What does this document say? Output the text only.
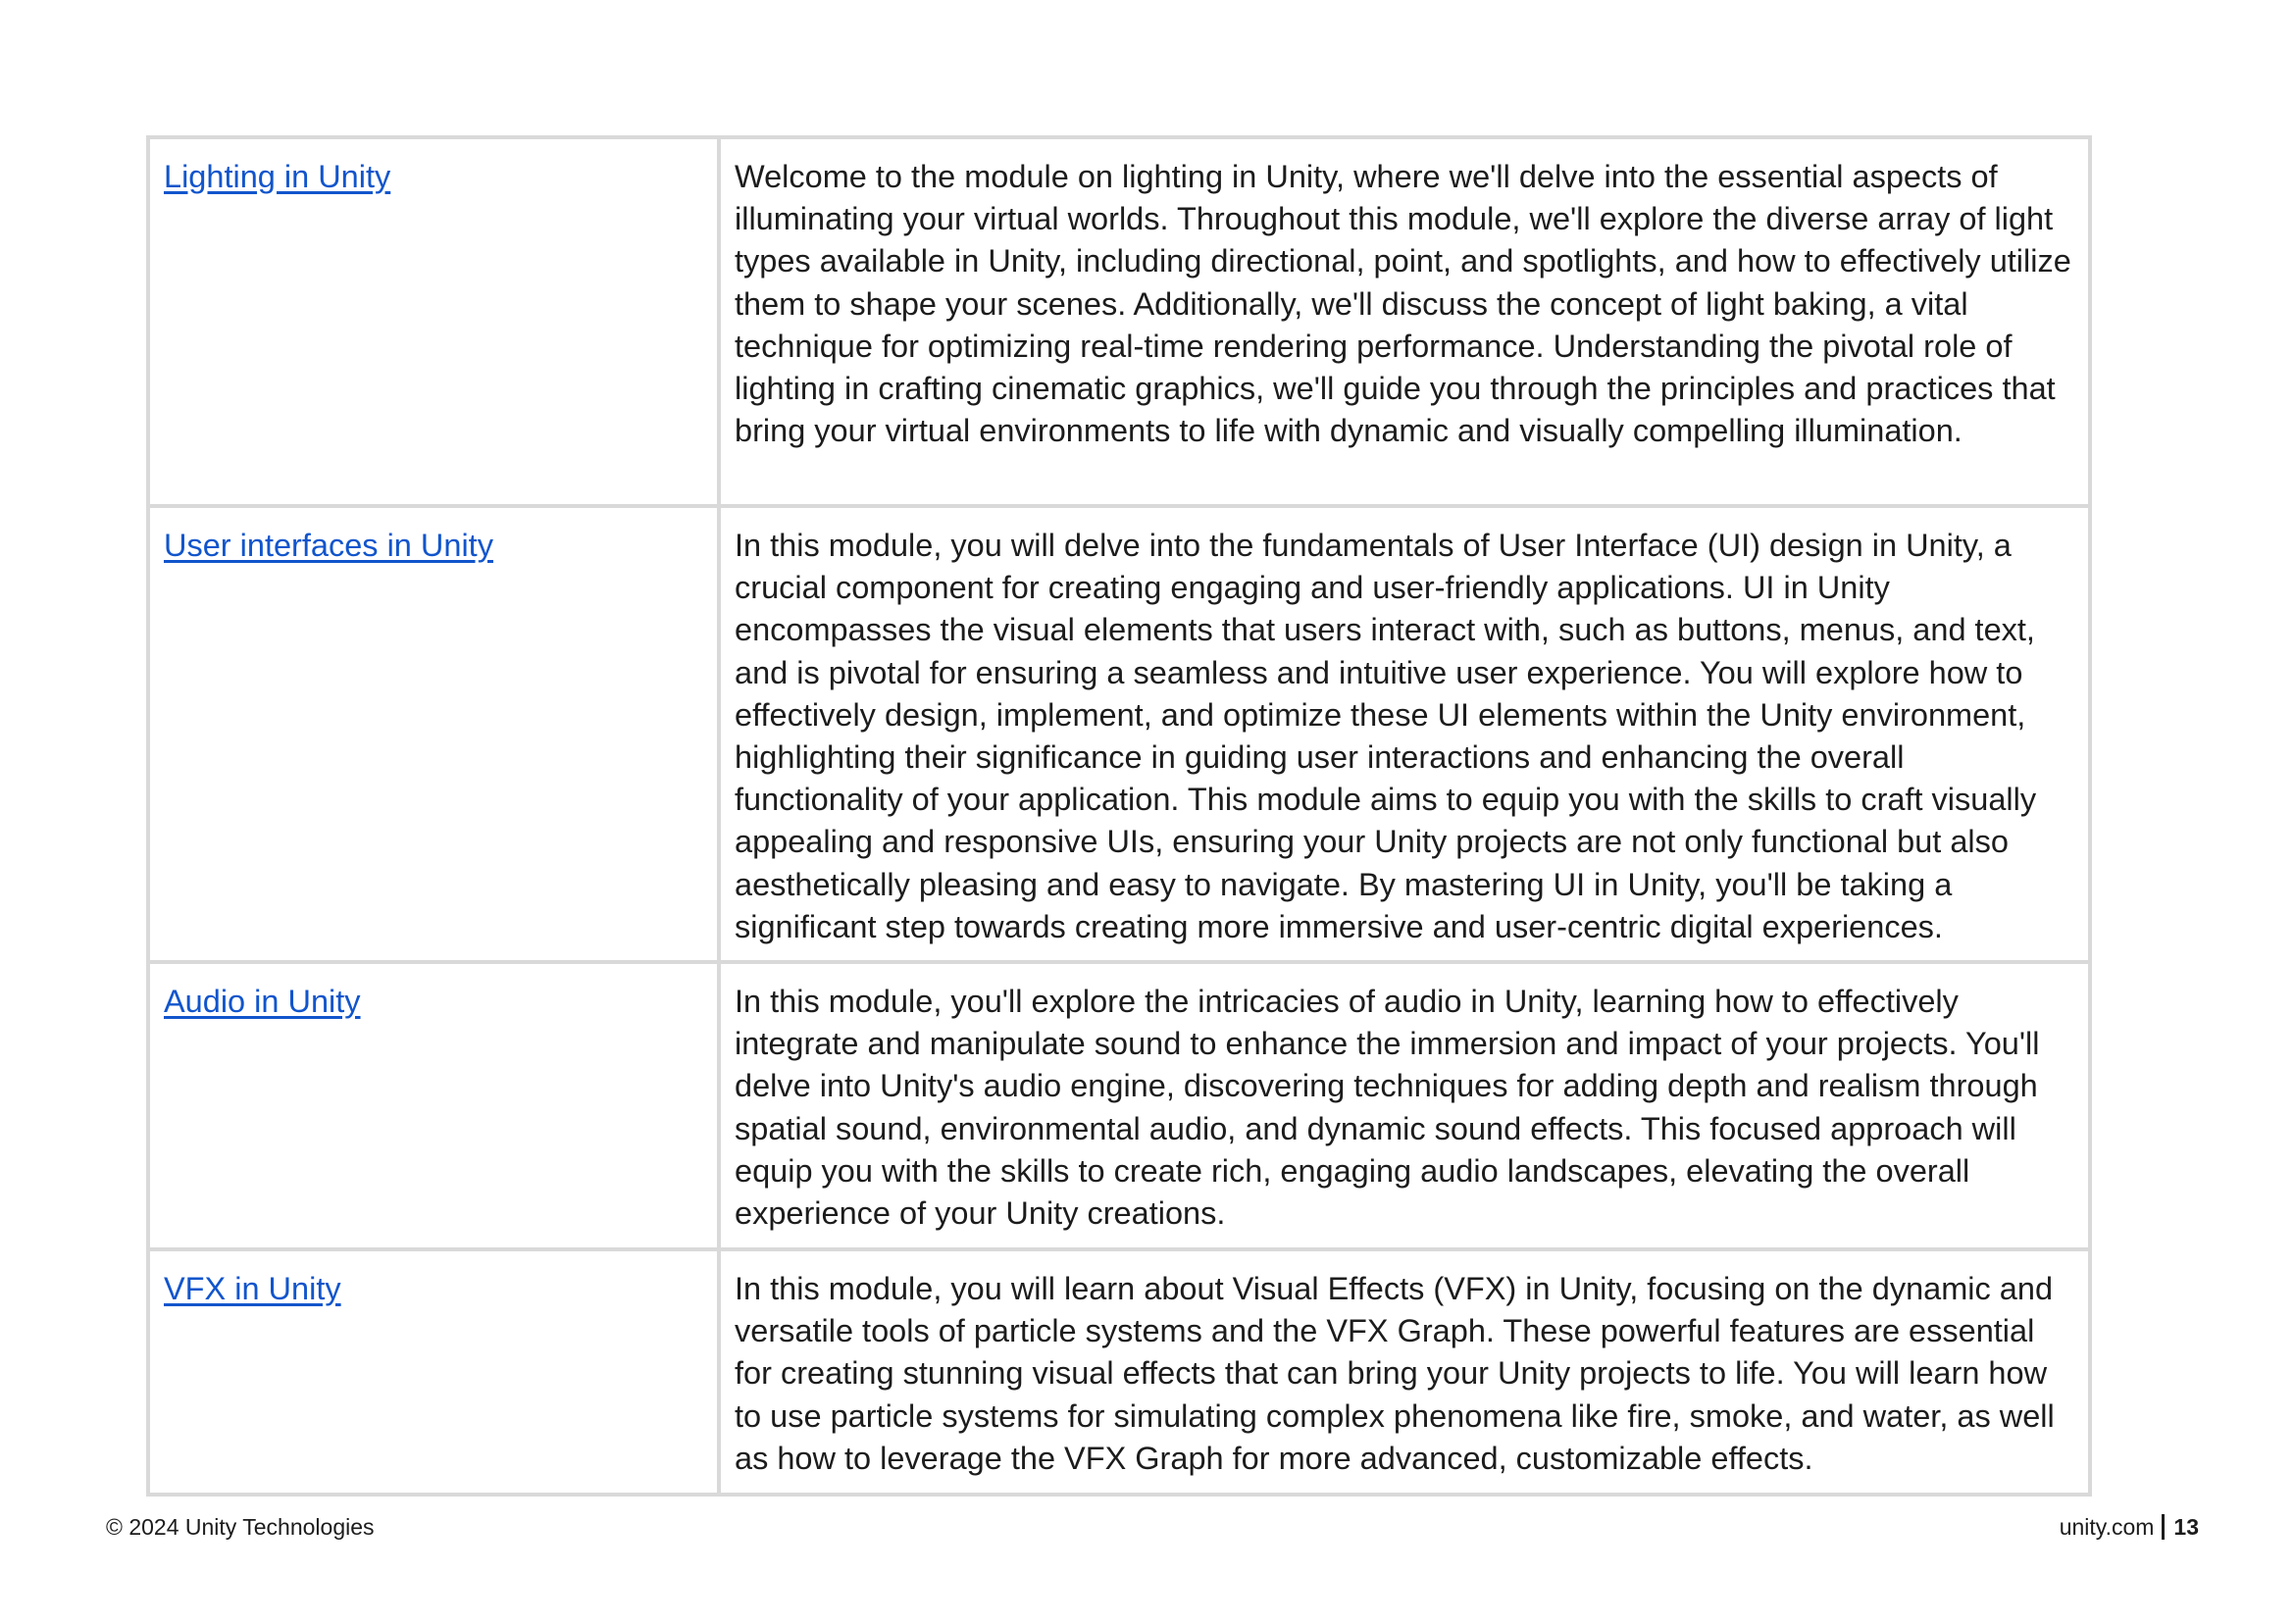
Lighting in Unity	Welcome to the module on lighting in Unity, where we'll delve into the essential aspects of illuminating your virtual worlds. Throughout this module, we'll explore the diverse array of light types available in Unity, including directional, point, and spotlights, and how to effectively utilize them to shape your scenes. Additionally, we'll discuss the concept of light baking, a vital technique for optimizing real-time rendering performance. Understanding the pivotal role of lighting in crafting cinematic graphics, we'll guide you through the principles and practices that bring your virtual environments to life with dynamic and visually compelling illumination.

User interfaces in Unity	In this module, you will delve into the fundamentals of User Interface (UI) design in Unity, a crucial component for creating engaging and user-friendly applications. UI in Unity encompasses the visual elements that users interact with, such as buttons, menus, and text, and is pivotal for ensuring a seamless and intuitive user experience. You will explore how to effectively design, implement, and optimize these UI elements within the Unity environment, highlighting their significance in guiding user interactions and enhancing the overall functionality of your application. This module aims to equip you with the skills to craft visually appealing and responsive UIs, ensuring your Unity projects are not only functional but also aesthetically pleasing and easy to navigate. By mastering UI in Unity, you'll be taking a significant step towards creating more immersive and user-centric digital experiences.

Audio in Unity	In this module, you'll explore the intricacies of audio in Unity, learning how to effectively integrate and manipulate sound to enhance the immersion and impact of your projects. You'll delve into Unity's audio engine, discovering techniques for adding depth and realism through spatial sound, environmental audio, and dynamic sound effects. This focused approach will equip you with the skills to create rich, engaging audio landscapes, elevating the overall experience of your Unity creations.

VFX in Unity	In this module, you will learn about Visual Effects (VFX) in Unity, focusing on the dynamic and versatile tools of particle systems and the VFX Graph. These powerful features are essential for creating stunning visual effects that can bring your Unity projects to life. You will learn how to use particle systems for simulating complex phenomena like fire, smoke, and water, as well as how to leverage the VFX Graph for more advanced, customizable effects.
© 2024 Unity Technologies	unity.com 13
